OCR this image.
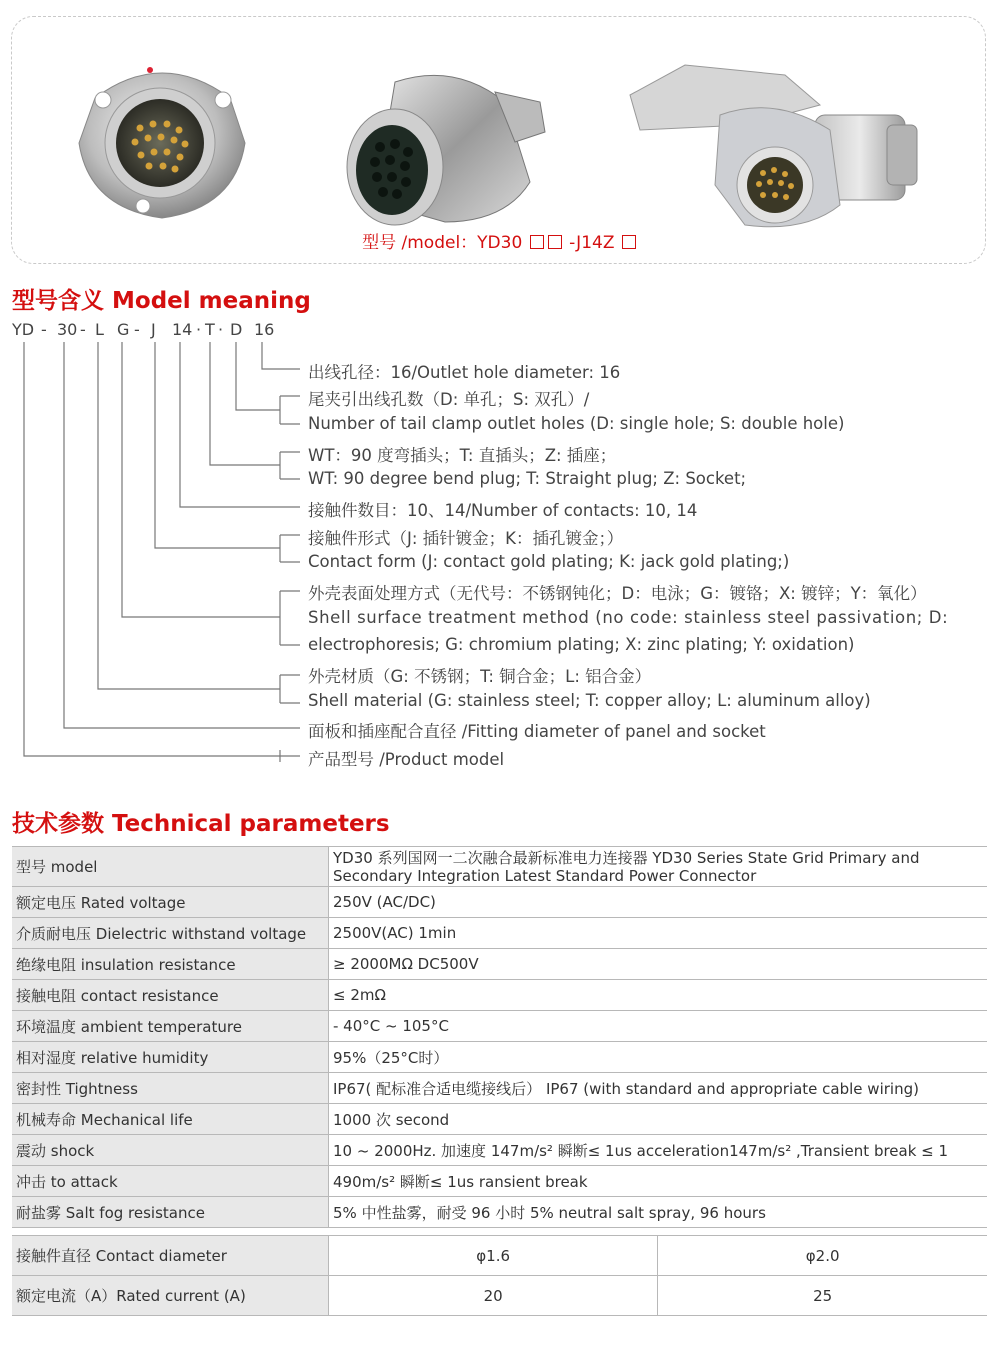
型号 /model：YD30	-J14Z
型号含义 Model meaning
YD - 30 - L G - J 14 · T · D 16
出线孔径：16/Outlet hole diameter: 16
尾夹引出线孔数（D: 单孔；S: 双孔）/
Number of tail clamp outlet holes (D: single hole; S: double hole)
WT：90 度弯插头；T: 直插头；Z: 插座；
WT: 90 degree bend plug; T: Straight plug; Z: Socket;
接触件数目：10、14/Number of contacts: 10, 14
接触件形式（J: 插针镀金；K：插孔镀金；）
Contact form (J: contact gold plating; K: jack gold plating;)
外壳表面处理方式（无代号：不锈钢钝化；D：电泳；G：镀铬；X: 镀锌；Y：氧化）
Shell surface treatment method (no code: stainless steel passivation; D:
electrophoresis; G: chromium plating; X: zinc plating; Y: oxidation)
外壳材质（G: 不锈钢；T: 铜合金；L: 铝合金）
Shell material (G: stainless steel; T: copper alloy; L: aluminum alloy)
面板和插座配合直径 /Fitting diameter of panel and socket
产品型号 /Product model
技术参数 Technical parameters
型号 model	YD30 系列国网一二次融合最新标准电力连接器 YD30 Series State Grid Primary and
Secondary Integration Latest Standard Power Connector

额定电压 Rated voltage	250V (AC/DC)
介质耐电压 Dielectric withstand voltage	2500V(AC) 1min
绝缘电阻 insulation resistance	≥ 2000MΩ DC500V
接触电阻 contact resistance	≤ 2mΩ
环境温度 ambient temperature	- 40°C ~ 105°C
相对湿度 relative humidity	95%（25°C时）
密封性 Tightness	IP67( 配标准合适电缆接线后） IP67 (with standard and appropriate cable wiring)
机械寿命 Mechanical life	1000 次 second
震动 shock	10 ~ 2000Hz. 加速度 147m/s² 瞬断≤ 1us acceleration147m/s² ,Transient break ≤ 1
冲击 to attack	490m/s² 瞬断≤ 1us ransient break
耐盐雾 Salt fog resistance	5% 中性盐雾，耐受 96 小时 5% neutral salt spray, 96 hours
接触件直径 Contact diameter	φ1.6	φ2.0
额定电流（A）Rated current (A)	20	25
